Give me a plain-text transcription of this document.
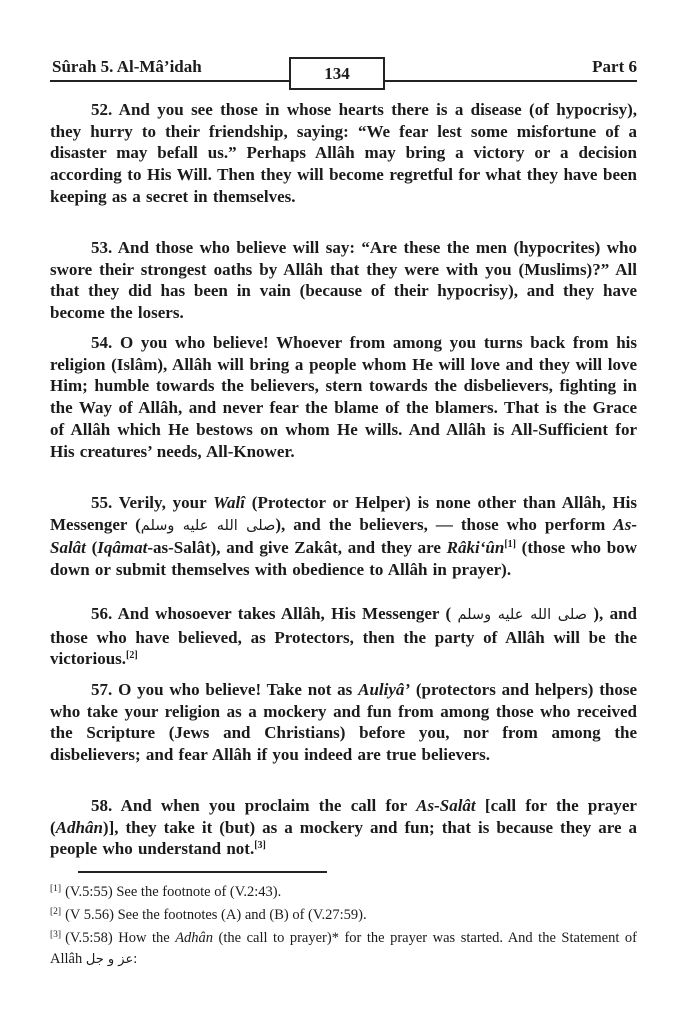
Sûrah 5. Al-Mâ’idah	134	Part 6

52. And you see those in whose hearts there is a disease (of hypocrisy), they hurry to their friendship, saying: “We fear lest some misfortune of a disaster may befall us.” Perhaps Allâh may bring a victory or a decision according to His Will. Then they will become regretful for what they have been keeping as a secret in themselves.

53. And those who believe will say: “Are these the men (hypocrites) who swore their strongest oaths by Allâh that they were with you (Muslims)?” All that they did has been in vain (because of their hypocrisy), and they have become the losers.

54. O you who believe! Whoever from among you turns back from his religion (Islâm), Allâh will bring a people whom He will love and they will love Him; humble towards the believers, stern towards the disbelievers, fighting in the Way of Allâh, and never fear the blame of the blamers. That is the Grace of Allâh which He bestows on whom He wills. And Allâh is All-Sufficient for His creatures’ needs, All-Knower.

55. Verily, your Walî (Protector or Helper) is none other than Allâh, His Messenger (صلى الله عليه وسلم), and the believers, — those who perform As-Salât (Iqâmat-as-Salât), and give Zakât, and they are Râki‘ûn[1] (those who bow down or submit themselves with obedience to Allâh in prayer).

56. And whosoever takes Allâh, His Messenger ( صلى الله عليه وسلم ), and those who have believed, as Protectors, then the party of Allâh will be the victorious.[2]

57. O you who believe! Take not as Auliyâ’ (protectors and helpers) those who take your religion as a mockery and fun from among those who received the Scripture (Jews and Christians) before you, nor from among the disbelievers; and fear Allâh if you indeed are true believers.

58. And when you proclaim the call for As-Salât [call for the prayer (Adhân)], they take it (but) as a mockery and fun; that is because they are a people who understand not.[3]

[1] (V.5:55) See the footnote of (V.2:43).

[2] (V 5.56) See the footnotes (A) and (B) of (V.27:59).

[3] (V.5:58) How the Adhân (the call to prayer)* for the prayer was started. And the Statement of Allâh عز و جل:
